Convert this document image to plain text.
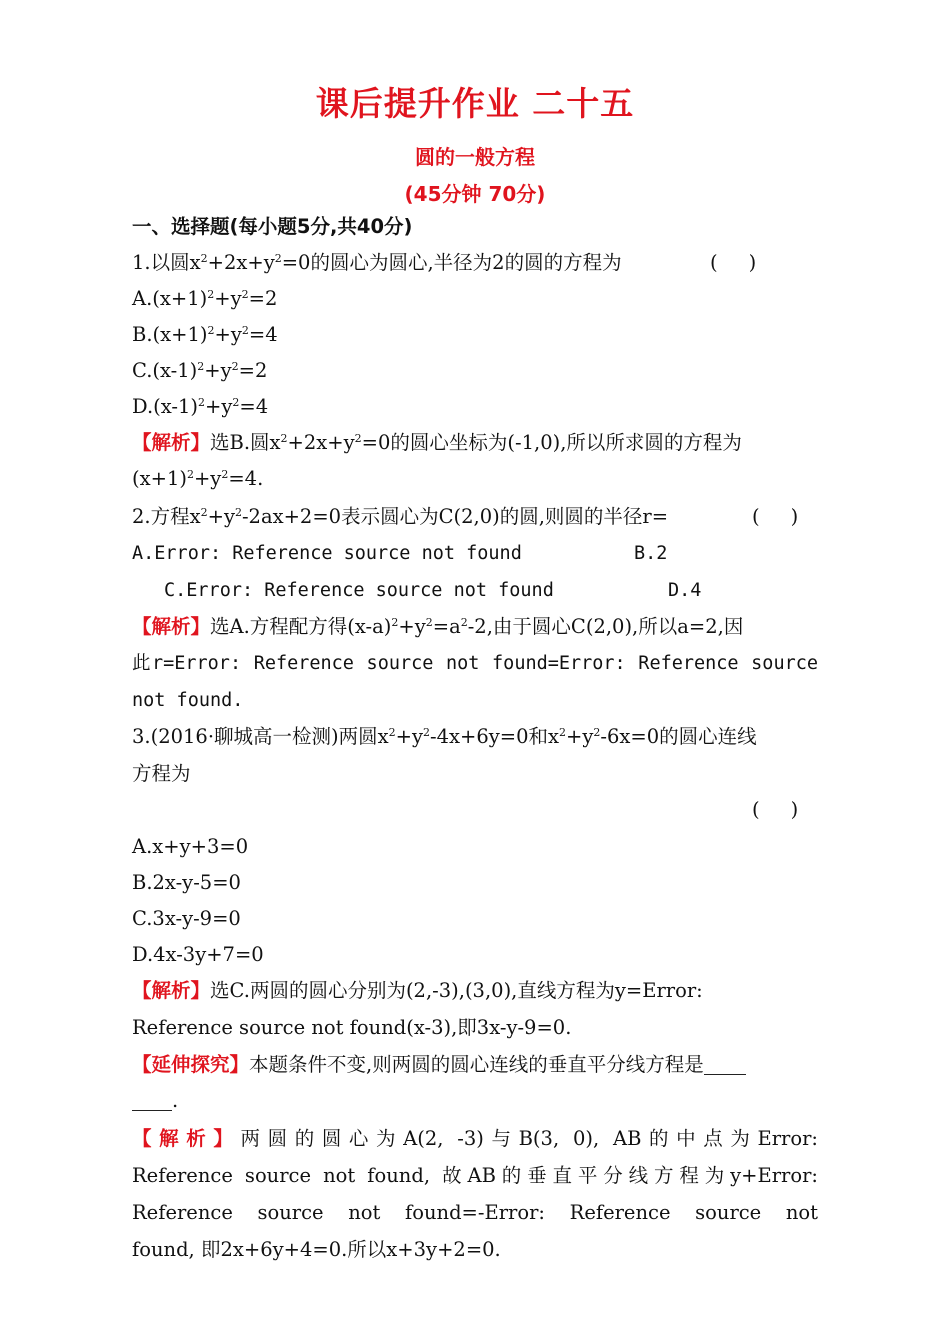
课后提升作业 二十五
圆的一般方程
(45分钟 70分)
一、选择题(每小题5分,共40分)
1.以圆$x^2+2x+y^2=0$的圆心为圆心,半径为2的圆的方程为	(     )
$A.(x+1)^2+y^2=2$
$B.(x+1)^2+y^2=4$
$C.(x-1)^2+y^2=2$
$D.(x-1)^2+y^2=4$
【解析】选B.圆$x^2+2x+y^2=0$的圆心坐标为(-1,0),所以所求圆的方程为
$(x+1)^2+y^2=4$.
2.方程$x^2+y^2-2ax+2=0$表示圆心为C(2,0)的圆,则圆的半径r=	(     )
A.Error: Reference source not found	B.2
C.Error: Reference source not found	D.4
【解析】选A.方程配方得$(x-a)^2+y^2=a^2-2$,由于圆心C(2,0),所以a=2,因
此r=Error: Reference source not found=Error: Reference source
not found.
3.(2016·聊城高一检测)两圆$x^2+y^2-4x+6y=0$和$x^2+y^2-6x=0$的圆心连线
方程为
(     )
A.x+y+3=0
B.2x-y-5=0
C.3x-y-9=0
D.4x-3y+7=0
【解析】选C.两圆的圆心分别为(2,-3),(3,0),直线方程为y=Error:
Reference source not found(x-3),即3x-y-9=0.
【延伸探究】本题条件不变,则两圆的圆心连线的垂直平分线方程是
.
【解析】两圆的圆心为A(2, -3)与B(3, 0), AB的中点为Error:
Reference source not found, 故AB的垂直平分线方程为y+Error:
Reference source not found=-Error: Reference source not
found, 即2x+6y+4=0.所以x+3y+2=0.
